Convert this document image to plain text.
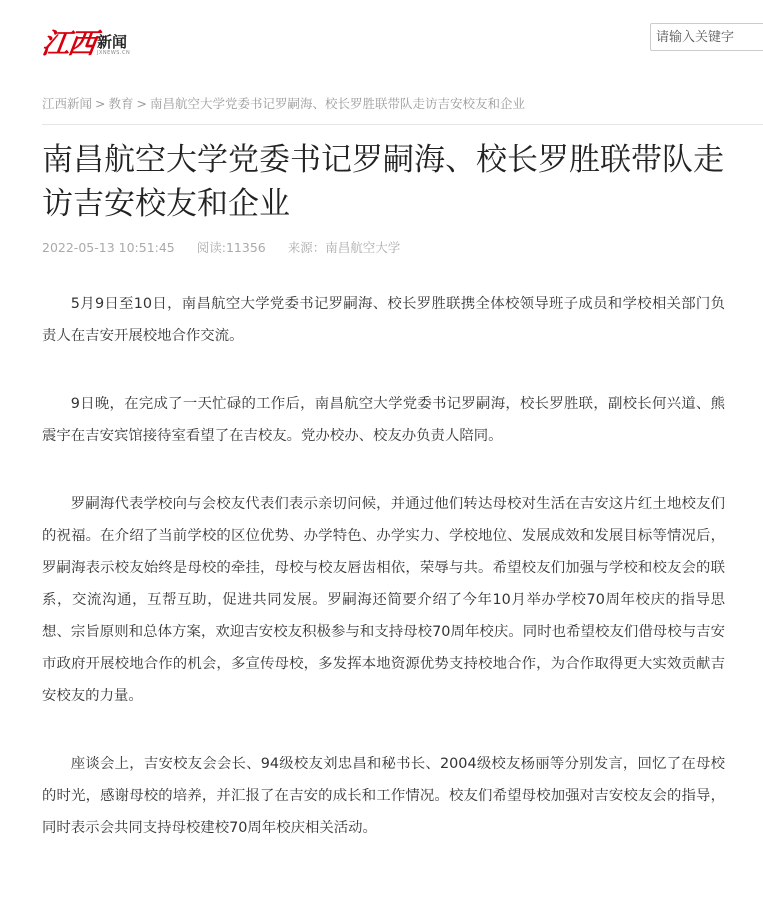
江西 新闻
JXNEWS.CN
请输入关键字
江西新闻 > 教育 > 南昌航空大学党委书记罗嗣海、校长罗胜联带队走访吉安校友和企业
南昌航空大学党委书记罗嗣海、校长罗胜联带队走访吉安校友和企业
2022-05-13 10:51:45 阅读:11356 来源：南昌航空大学

5月9日至10日，南昌航空大学党委书记罗嗣海、校长罗胜联携全体校领导班子成员和学校相关部门负责人在吉安开展校地合作交流。

9日晚，在完成了一天忙碌的工作后，南昌航空大学党委书记罗嗣海，校长罗胜联，副校长何兴道、熊震宇在吉安宾馆接待室看望了在吉校友。党办校办、校友办负责人陪同。

罗嗣海代表学校向与会校友代表们表示亲切问候，并通过他们转达母校对生活在吉安这片红土地校友们的祝福。在介绍了当前学校的区位优势、办学特色、办学实力、学校地位、发展成效和发展目标等情况后，罗嗣海表示校友始终是母校的牵挂，母校与校友唇齿相依，荣辱与共。希望校友们加强与学校和校友会的联系，交流沟通，互帮互助，促进共同发展。罗嗣海还简要介绍了今年10月举办学校70周年校庆的指导思想、宗旨原则和总体方案，欢迎吉安校友积极参与和支持母校70周年校庆。同时也希望校友们借母校与吉安市政府开展校地合作的机会，多宣传母校，多发挥本地资源优势支持校地合作，为合作取得更大实效贡献吉安校友的力量。

座谈会上，吉安校友会会长、94级校友刘忠昌和秘书长、2004级校友杨丽等分别发言，回忆了在母校的时光，感谢母校的培养，并汇报了在吉安的成长和工作情况。校友们希望母校加强对吉安校友会的指导，同时表示会共同支持母校建校70周年校庆相关活动。
